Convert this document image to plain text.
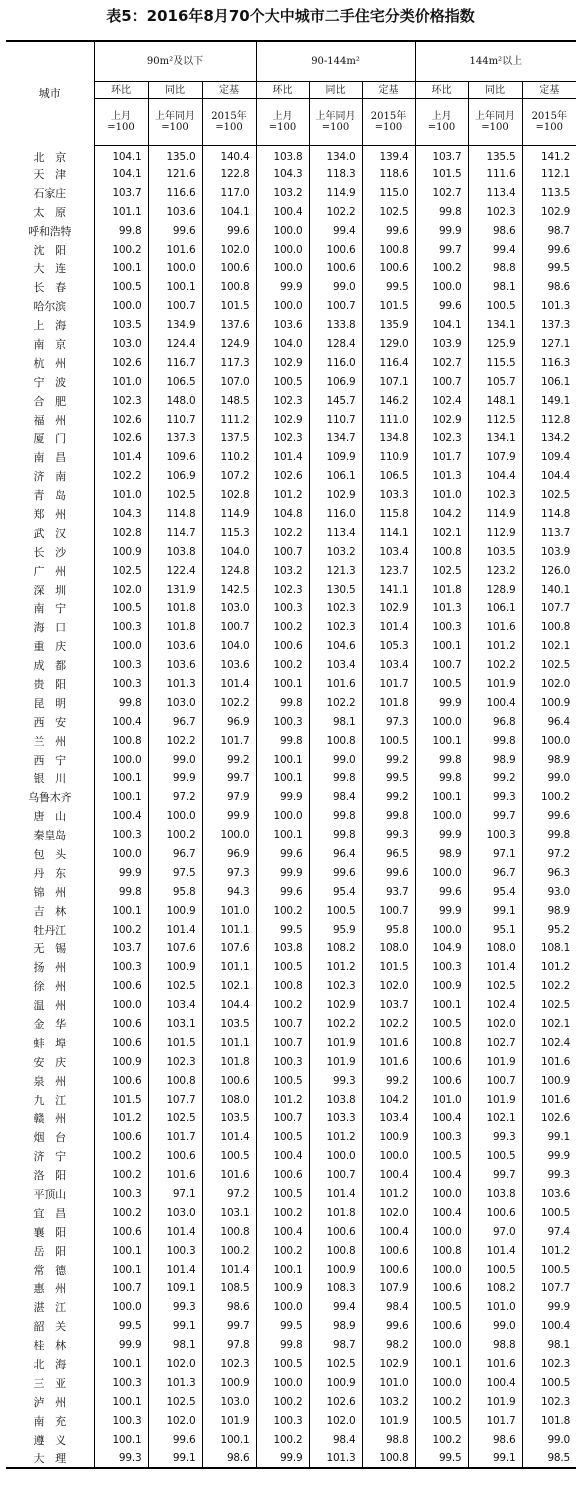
表5：2016年8月70个大中城市二手住宅分类价格指数
城市	90m²及以下			90-144m²			144m²以上		
	环比	同比	定基	环比	同比	定基	环比	同比	定基
	上月=100	上年同月=100	2015年=100	上月=100	上年同月=100	2015年=100	上月=100	上年同月=100	2015年=100
北　京	104.1	135.0	140.4	103.8	134.0	139.4	103.7	135.5	141.2
天　津	104.1	121.6	122.8	104.3	118.3	118.6	101.5	111.6	112.1
石家庄	103.7	116.6	117.0	103.2	114.9	115.0	102.7	113.4	113.5
太　原	101.1	103.6	104.1	100.4	102.2	102.5	99.8	102.3	102.9
呼和浩特	99.8	99.6	99.6	100.0	99.4	99.6	99.9	98.6	98.7
沈　阳	100.2	101.6	102.0	100.0	100.6	100.8	99.7	99.4	99.6
大　连	100.1	100.0	100.6	100.0	100.6	100.6	100.2	98.8	99.5
长　春	100.5	100.1	100.8	99.9	99.0	99.5	100.0	98.1	98.6
哈尔滨	100.0	100.7	101.5	100.0	100.7	101.5	99.6	100.5	101.3
上　海	103.5	134.9	137.6	103.6	133.8	135.9	104.1	134.1	137.3
南　京	103.0	124.4	124.9	104.0	128.4	129.0	103.9	125.9	127.1
杭　州	102.6	116.7	117.3	102.9	116.0	116.4	102.7	115.5	116.3
宁　波	101.0	106.5	107.0	100.5	106.9	107.1	100.7	105.7	106.1
合　肥	102.3	148.0	148.5	102.3	145.7	146.2	102.4	148.1	149.1
福　州	102.6	110.7	111.2	102.9	110.7	111.0	102.9	112.5	112.8
厦　门	102.6	137.3	137.5	102.3	134.7	134.8	102.3	134.1	134.2
南　昌	101.4	109.6	110.2	101.4	109.9	110.9	101.7	107.9	109.4
济　南	102.2	106.9	107.2	102.6	106.1	106.5	101.3	104.4	104.4
青　岛	101.0	102.5	102.8	101.2	102.9	103.3	101.0	102.3	102.5
郑　州	104.3	114.8	114.9	104.8	116.0	115.8	104.2	114.9	114.8
武　汉	102.8	114.7	115.3	102.2	113.4	114.1	102.1	112.9	113.7
长　沙	100.9	103.8	104.0	100.7	103.2	103.4	100.8	103.5	103.9
广　州	102.5	122.4	124.8	103.2	121.3	123.7	102.5	123.2	126.0
深　圳	102.0	131.9	142.5	102.3	130.5	141.1	101.8	128.9	140.1
南　宁	100.5	101.8	103.0	100.3	102.3	102.9	101.3	106.1	107.7
海　口	100.3	101.8	100.7	100.2	102.3	101.4	100.3	101.6	100.8
重　庆	100.0	103.6	104.0	100.6	104.6	105.3	100.1	101.2	102.1
成　都	100.3	103.6	103.6	100.2	103.4	103.4	100.7	102.2	102.5
贵　阳	100.3	101.3	101.4	100.1	101.6	101.7	100.5	101.9	102.0
昆　明	99.8	103.0	102.2	99.8	102.2	101.8	99.9	100.4	100.9
西　安	100.4	96.7	96.9	100.3	98.1	97.3	100.0	96.8	96.4
兰　州	100.8	102.2	101.7	99.8	100.8	100.5	100.1	99.8	100.0
西　宁	100.0	99.0	99.2	100.1	99.0	99.2	99.8	98.9	98.9
银　川	100.1	99.9	99.7	100.1	99.8	99.5	99.8	99.2	99.0
乌鲁木齐	100.1	97.2	97.9	99.9	98.4	99.2	100.1	99.3	100.2
唐　山	100.4	100.0	99.9	100.0	99.8	99.8	100.0	99.7	99.6
秦皇岛	100.3	100.2	100.0	100.1	99.8	99.3	99.9	100.3	99.8
包　头	100.0	96.7	96.9	99.6	96.4	96.5	98.9	97.1	97.2
丹　东	99.9	97.5	97.3	99.9	99.6	99.6	100.0	96.7	96.3
锦　州	99.8	95.8	94.3	99.6	95.4	93.7	99.6	95.4	93.0
吉　林	100.1	100.9	101.0	100.2	100.5	100.7	99.9	99.1	98.9
牡丹江	100.2	101.4	101.1	99.5	95.9	95.8	100.0	95.1	95.2
无　锡	103.7	107.6	107.6	103.8	108.2	108.0	104.9	108.0	108.1
扬　州	100.3	100.9	101.1	100.5	101.2	101.5	100.3	101.4	101.2
徐　州	100.6	102.5	102.1	100.8	102.3	102.0	100.9	102.5	102.2
温　州	100.0	103.4	104.4	100.2	102.9	103.7	100.1	102.4	102.5
金　华	100.6	103.1	103.5	100.7	102.2	102.2	100.5	102.0	102.1
蚌　埠	100.6	101.5	101.1	100.7	101.9	101.6	100.8	102.7	102.4
安　庆	100.9	102.3	101.8	100.3	101.9	101.6	100.6	101.9	101.6
泉　州	100.6	100.8	100.6	100.5	99.3	99.2	100.6	100.7	100.9
九　江	101.5	107.7	108.0	101.2	103.8	104.2	101.0	101.9	101.6
赣　州	101.2	102.5	103.5	100.7	103.3	103.4	100.4	102.1	102.6
烟　台	100.6	101.7	101.4	100.5	101.2	100.9	100.3	99.3	99.1
济　宁	100.2	100.6	100.5	100.4	100.0	100.0	100.5	100.5	99.9
洛　阳	100.2	101.6	101.6	100.6	100.7	100.4	100.4	99.7	99.3
平顶山	100.3	97.1	97.2	100.5	101.4	101.2	100.0	103.8	103.6
宜　昌	100.2	103.0	103.1	100.2	101.8	102.0	100.4	100.6	100.5
襄　阳	100.6	101.4	100.8	100.4	100.6	100.4	100.0	97.0	97.4
岳　阳	100.1	100.3	100.2	100.2	100.8	100.6	100.8	101.4	101.2
常　德	100.1	101.4	101.4	100.1	100.9	100.6	100.0	100.5	100.5
惠　州	100.7	109.1	108.5	100.9	108.3	107.9	100.6	108.2	107.7
湛　江	100.0	99.3	98.6	100.0	99.4	98.4	100.5	101.0	99.9
韶　关	99.5	99.1	99.7	99.5	98.9	99.6	100.6	99.0	100.4
桂　林	99.9	98.1	97.8	99.8	98.7	98.2	100.0	98.8	98.1
北　海	100.1	102.0	102.3	100.5	102.5	102.9	100.1	101.6	102.3
三　亚	100.3	101.3	100.9	100.0	100.9	101.0	100.0	100.4	100.5
泸　州	100.1	102.5	103.0	100.2	102.6	103.2	100.2	101.9	102.3
南　充	100.3	102.0	101.9	100.3	102.0	101.9	100.5	101.7	101.8
遵　义	100.1	99.6	100.1	100.2	98.4	98.8	100.2	98.6	99.0
大　理	99.3	99.1	98.6	99.9	101.3	100.8	99.5	99.1	98.5
